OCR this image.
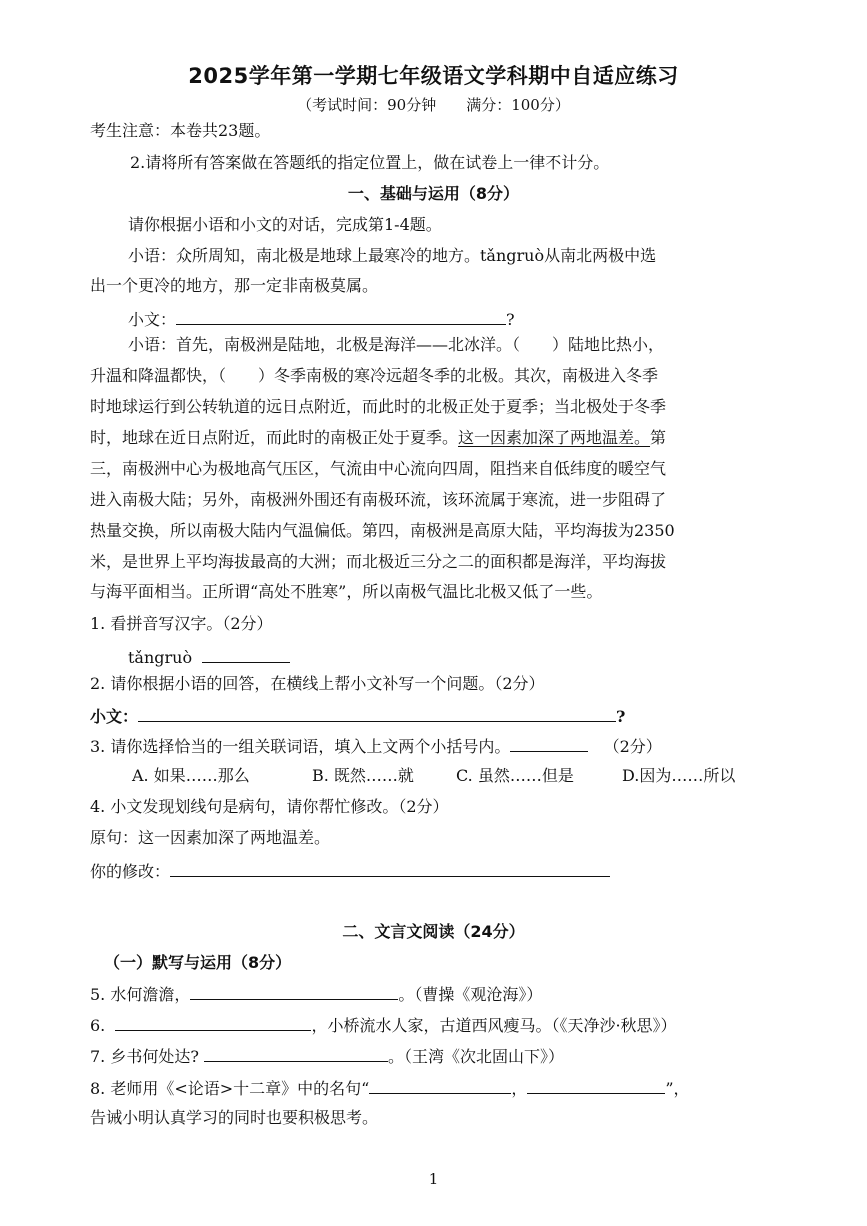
2025学年第一学期七年级语文学科期中自适应练习
（考试时间：90分钟　　满分：100分）
考生注意：本卷共23题。
2.请将所有答案做在答题纸的指定位置上，做在试卷上一律不计分。
一、基础与运用（8分）
请你根据小语和小文的对话，完成第1-4题。
小语：众所周知，南北极是地球上最寒冷的地方。tǎngruò从南北两极中选
出一个更冷的地方，那一定非南极莫属。
小文：	?
小语：首先，南极洲是陆地，北极是海洋——北冰洋。（　　）陆地比热小，
升温和降温都快，（　　）冬季南极的寒冷远超冬季的北极。其次，南极进入冬季
时地球运行到公转轨道的远日点附近，而此时的北极正处于夏季；当北极处于冬季
时，地球在近日点附近，而此时的南极正处于夏季。这一因素加深了两地温差。第
三，南极洲中心为极地高气压区，气流由中心流向四周，阻挡来自低纬度的暖空气
进入南极大陆；另外，南极洲外围还有南极环流，该环流属于寒流，进一步阻碍了
热量交换，所以南极大陆内气温偏低。第四，南极洲是高原大陆，平均海拔为2350
米，是世界上平均海拔最高的大洲；而北极近三分之二的面积都是海洋，平均海拔
与海平面相当。正所谓“高处不胜寒”，所以南极气温比北极又低了一些。
1. 看拼音写汉字。（2分）
tǎngruò
2. 请你根据小语的回答，在横线上帮小文补写一个问题。（2分）
小文：	?
3. 请你选择恰当的一组关联词语，填入上文两个小括号内。	（2分）
A. 如果……那么	B. 既然……就	C. 虽然……但是	D.因为……所以
4. 小文发现划线句是病句，请你帮忙修改。（2分）
原句：这一因素加深了两地温差。
你的修改：
二、文言文阅读（24分）
（一）默写与运用（8分）
5. 水何澹澹，	。（曹操《观沧海》）
6.	，小桥流水人家，古道西风瘦马。（《天净沙·秋思》）
7. 乡书何处达?	。（王湾《次北固山下》）
8. 老师用《<论语>十二章》中的名句“	，	”，
告诫小明认真学习的同时也要积极思考。
1
